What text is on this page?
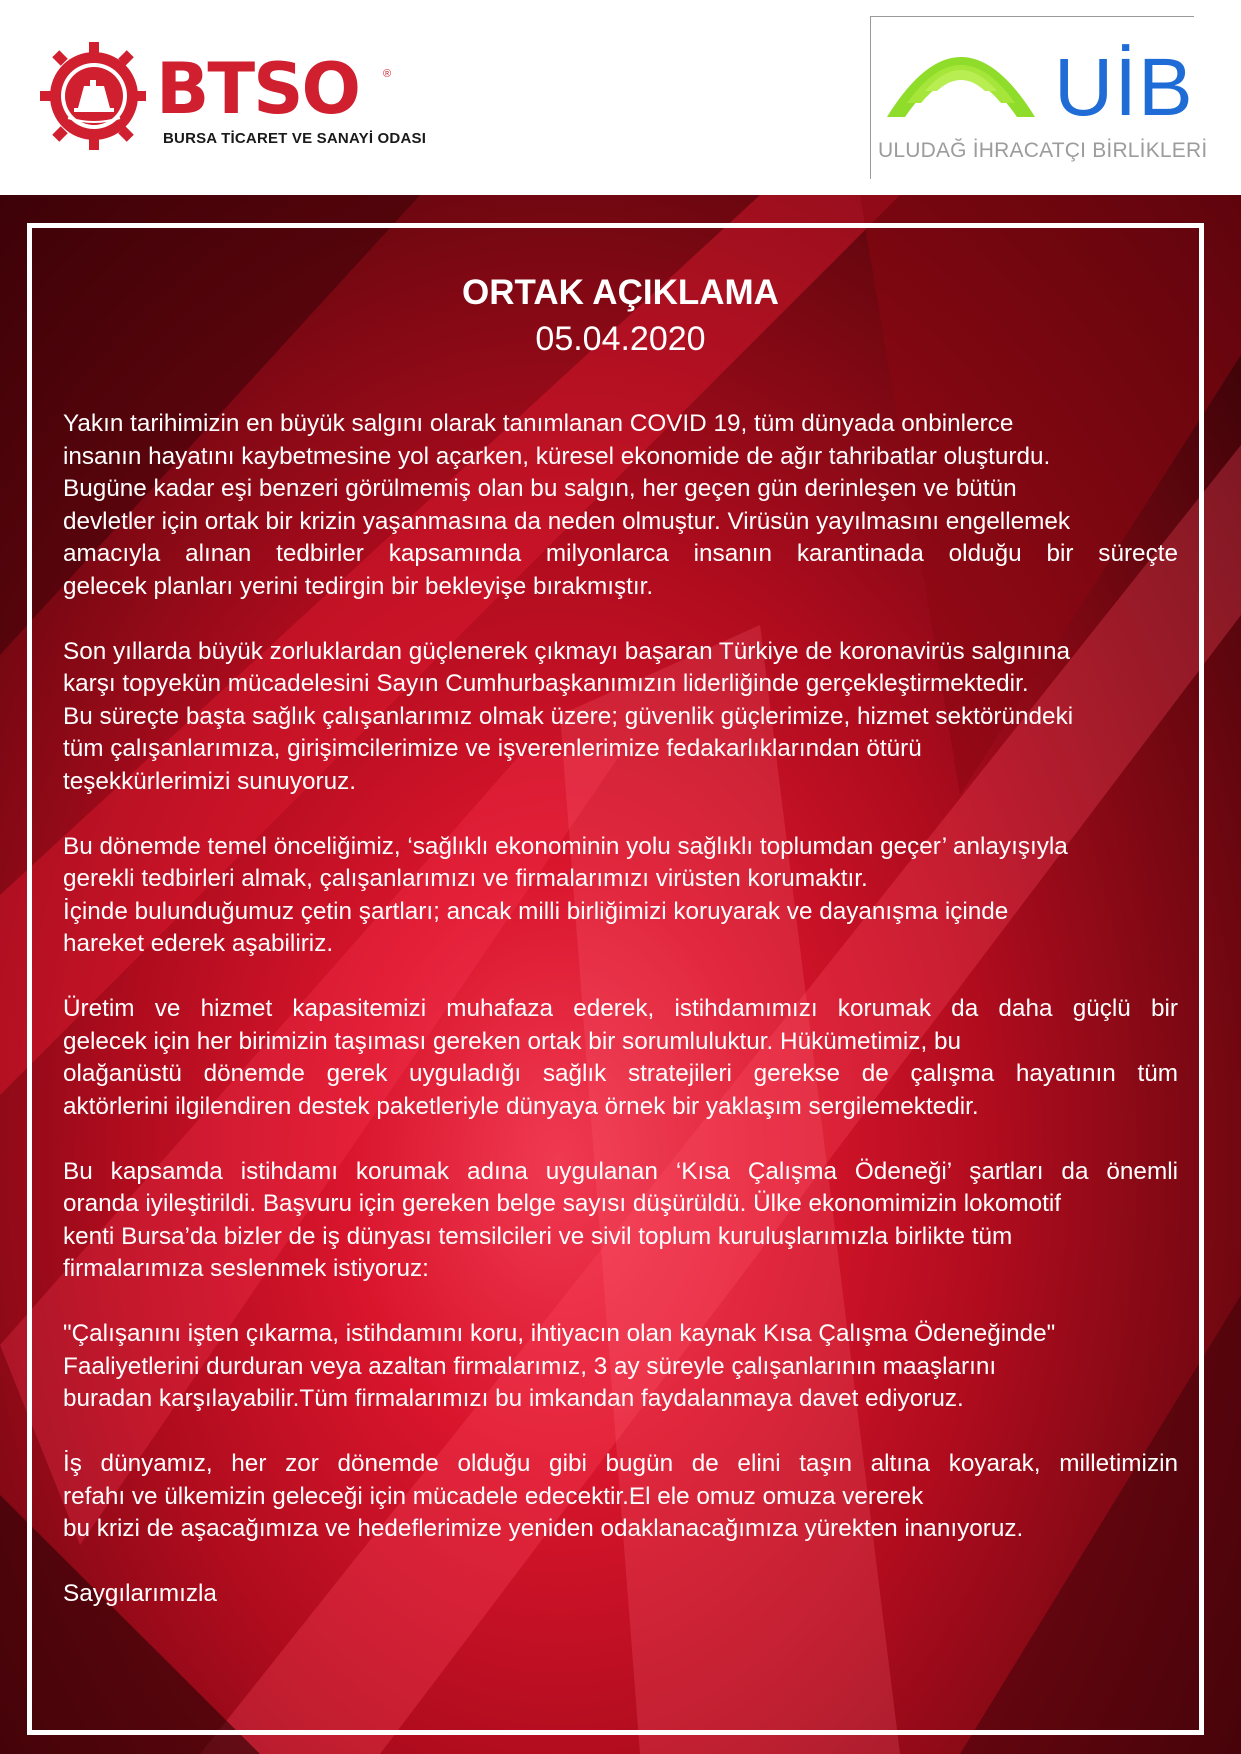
BTSO ®
BURSA TİCARET VE SANAYİ ODASI
UİB
ULUDAĞ İHRACATÇI BİRLİKLERİ
ORTAK AÇIKLAMA
05.04.2020
Yakın tarihimizin en büyük salgını olarak tanımlanan COVID 19, tüm dünyada onbinlerce
insanın hayatını kaybetmesine yol açarken, küresel ekonomide de ağır tahribatlar oluşturdu.
Bugüne kadar eşi benzeri görülmemiş olan bu salgın, her geçen gün derinleşen ve bütün
devletler için ortak bir krizin yaşanmasına da neden olmuştur. Virüsün yayılmasını engellemek
amacıyla alınan tedbirler kapsamında milyonlarca insanın karantinada olduğu bir süreçte
gelecek planları yerini tedirgin bir bekleyişe bırakmıştır.
Son yıllarda büyük zorluklardan güçlenerek çıkmayı başaran Türkiye de koronavirüs salgınına
karşı topyekün mücadelesini Sayın Cumhurbaşkanımızın liderliğinde gerçekleştirmektedir.
Bu süreçte başta sağlık çalışanlarımız olmak üzere; güvenlik güçlerimize, hizmet sektöründeki
tüm çalışanlarımıza, girişimcilerimize ve işverenlerimize fedakarlıklarından ötürü
teşekkürlerimizi sunuyoruz.
Bu dönemde temel önceliğimiz, ‘sağlıklı ekonominin yolu sağlıklı toplumdan geçer’ anlayışıyla
gerekli tedbirleri almak, çalışanlarımızı ve firmalarımızı virüsten korumaktır.
İçinde bulunduğumuz çetin şartları; ancak milli birliğimizi koruyarak ve dayanışma içinde
hareket ederek aşabiliriz.
Üretim ve hizmet kapasitemizi muhafaza ederek, istihdamımızı korumak da daha güçlü bir
gelecek için her birimizin taşıması gereken ortak bir sorumluluktur. Hükümetimiz, bu
olağanüstü dönemde gerek uyguladığı sağlık stratejileri gerekse de çalışma hayatının tüm
aktörlerini ilgilendiren destek paketleriyle dünyaya örnek bir yaklaşım sergilemektedir.
Bu kapsamda istihdamı korumak adına uygulanan ‘Kısa Çalışma Ödeneği’ şartları da önemli
oranda iyileştirildi. Başvuru için gereken belge sayısı düşürüldü. Ülke ekonomimizin lokomotif
kenti Bursa’da bizler de iş dünyası temsilcileri ve sivil toplum kuruluşlarımızla birlikte tüm
firmalarımıza seslenmek istiyoruz:
"Çalışanını işten çıkarma, istihdamını koru, ihtiyacın olan kaynak Kısa Çalışma Ödeneğinde"
Faaliyetlerini durduran veya azaltan firmalarımız, 3 ay süreyle çalışanlarının maaşlarını
buradan karşılayabilir.Tüm firmalarımızı bu imkandan faydalanmaya davet ediyoruz.
İş dünyamız, her zor dönemde olduğu gibi bugün de elini taşın altına koyarak, milletimizin
refahı ve ülkemizin geleceği için mücadele edecektir.El ele omuz omuza vererek
bu krizi de aşacağımıza ve hedeflerimize yeniden odaklanacağımıza yürekten inanıyoruz.
Saygılarımızla
